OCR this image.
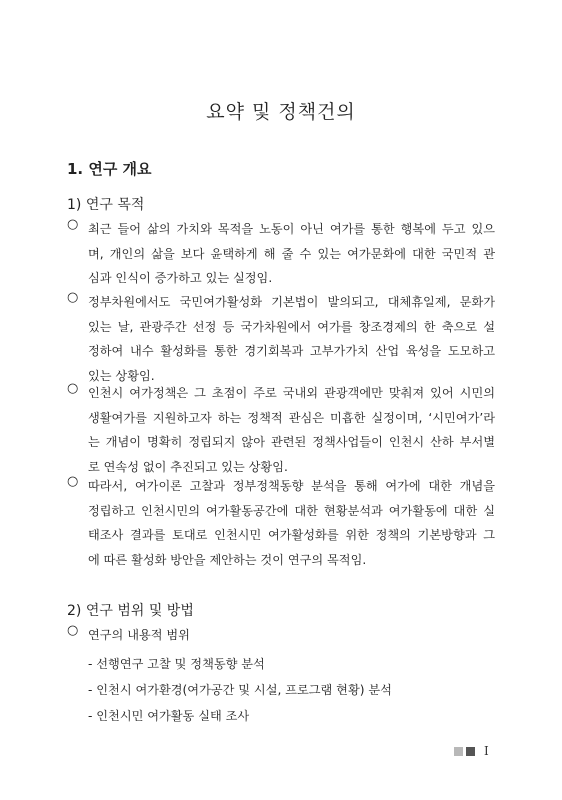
요약 및 정책건의
1. 연구 개요
1) 연구 목적
○ 최근 들어 삶의 가치와 목적을 노동이 아닌 여가를 통한 행복에 두고 있으
며, 개인의 삶을 보다 윤택하게 해 줄 수 있는 여가문화에 대한 국민적 관
심과 인식이 증가하고 있는 실정임.
○ 정부차원에서도 국민여가활성화 기본법이 발의되고, 대체휴일제, 문화가
있는 날, 관광주간 선정 등 국가차원에서 여가를 창조경제의 한 축으로 설
정하여 내수 활성화를 통한 경기회복과 고부가가치 산업 육성을 도모하고
있는 상황임.
○ 인천시 여가정책은 그 초점이 주로 국내외 관광객에만 맞춰져 있어 시민의
생활여가를 지원하고자 하는 정책적 관심은 미흡한 실정이며, ‘시민여가’라
는 개념이 명확히 정립되지 않아 관련된 정책사업들이 인천시 산하 부서별
로 연속성 없이 추진되고 있는 상황임.
○ 따라서, 여가이론 고찰과 정부정책동향 분석을 통해 여가에 대한 개념을
정립하고 인천시민의 여가활동공간에 대한 현황분석과 여가활동에 대한 실
태조사 결과를 토대로 인천시민 여가활성화를 위한 정책의 기본방향과 그
에 따른 활성화 방안을 제안하는 것이 연구의 목적임.
2) 연구 범위 및 방법
○ 연구의 내용적 범위
- 선행연구 고찰 및 정책동향 분석
- 인천시 여가환경(여가공간 및 시설, 프로그램 현황) 분석
- 인천시민 여가활동 실태 조사
I
